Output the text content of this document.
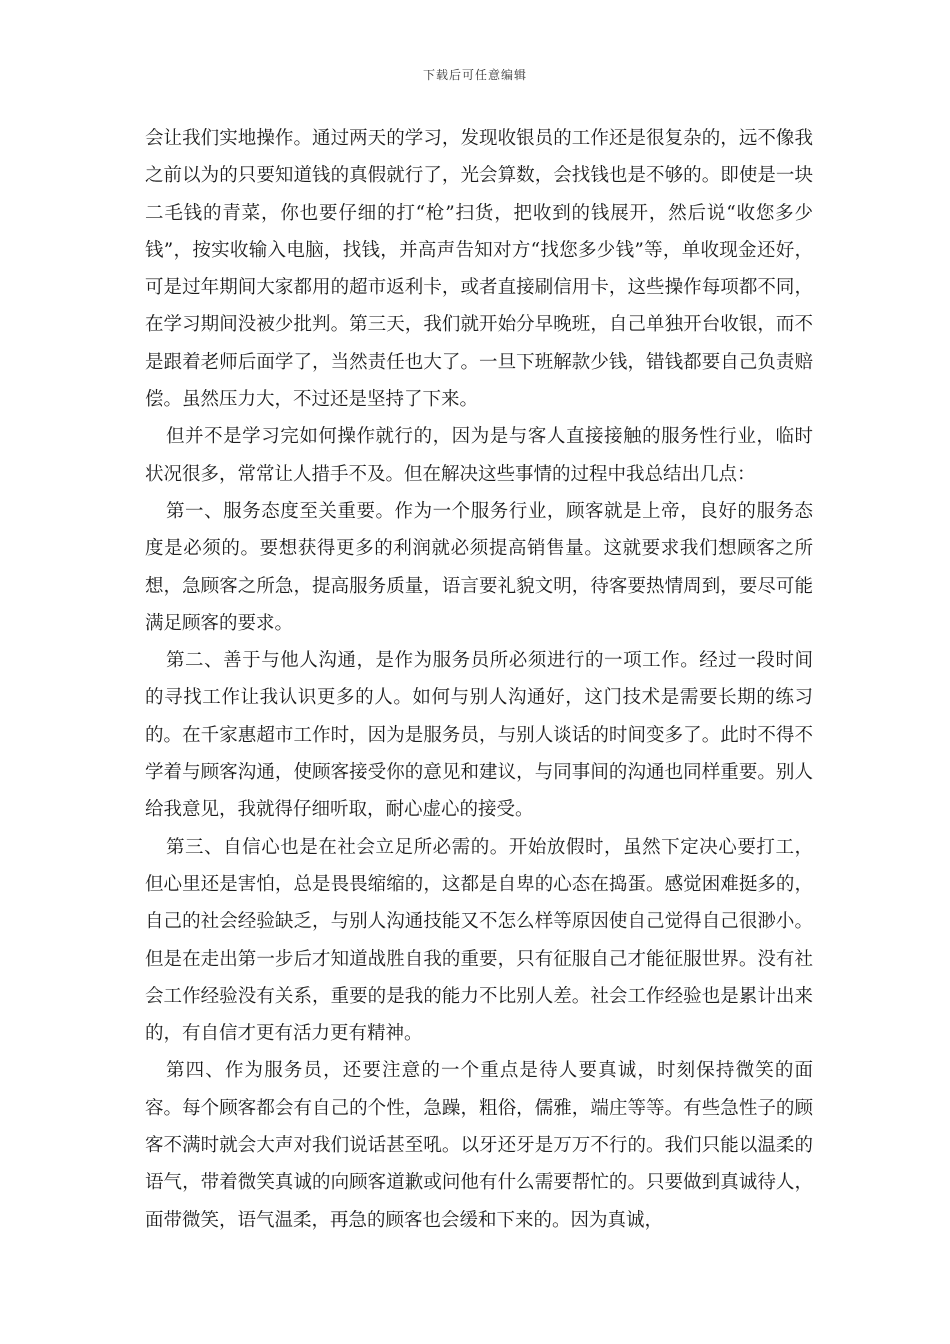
下载后可任意编辑

会让我们实地操作。通过两天的学习，发现收银员的工作还是很复杂的，远不像我之前以为的只要知道钱的真假就行了，光会算数，会找钱也是不够的。即使是一块二毛钱的青菜，你也要仔细的打“枪”扫货，把收到的钱展开，然后说“收您多少钱”，按实收输入电脑，找钱，并高声告知对方“找您多少钱”等，单收现金还好，可是过年期间大家都用的超市返利卡，或者直接刷信用卡，这些操作每项都不同，在学习期间没被少批判。第三天，我们就开始分早晚班，自己单独开台收银，而不是跟着老师后面学了，当然责任也大了。一旦下班解款少钱，错钱都要自己负责赔偿。虽然压力大，不过还是坚持了下来。

但并不是学习完如何操作就行的，因为是与客人直接接触的服务性行业，临时状况很多，常常让人措手不及。但在解决这些事情的过程中我总结出几点：

第一、服务态度至关重要。作为一个服务行业，顾客就是上帝，良好的服务态度是必须的。要想获得更多的利润就必须提高销售量。这就要求我们想顾客之所想，急顾客之所急，提高服务质量，语言要礼貌文明，待客要热情周到，要尽可能满足顾客的要求。

第二、善于与他人沟通，是作为服务员所必须进行的一项工作。经过一段时间的寻找工作让我认识更多的人。如何与别人沟通好，这门技术是需要长期的练习的。在千家惠超市工作时，因为是服务员，与别人谈话的时间变多了。此时不得不学着与顾客沟通，使顾客接受你的意见和建议，与同事间的沟通也同样重要。别人给我意见，我就得仔细听取，耐心虚心的接受。

第三、自信心也是在社会立足所必需的。开始放假时，虽然下定决心要打工，但心里还是害怕，总是畏畏缩缩的，这都是自卑的心态在捣蛋。感觉困难挺多的，自己的社会经验缺乏，与别人沟通技能又不怎么样等原因使自己觉得自己很渺小。但是在走出第一步后才知道战胜自我的重要，只有征服自己才能征服世界。没有社会工作经验没有关系，重要的是我的能力不比别人差。社会工作经验也是累计出来的，有自信才更有活力更有精神。

第四、作为服务员，还要注意的一个重点是待人要真诚，时刻保持微笑的面容。每个顾客都会有自己的个性，急躁，粗俗，儒雅，端庄等等。有些急性子的顾客不满时就会大声对我们说话甚至吼。以牙还牙是万万不行的。我们只能以温柔的语气，带着微笑真诚的向顾客道歉或问他有什么需要帮忙的。只要做到真诚待人，面带微笑，语气温柔，再急的顾客也会缓和下来的。因为真诚，
